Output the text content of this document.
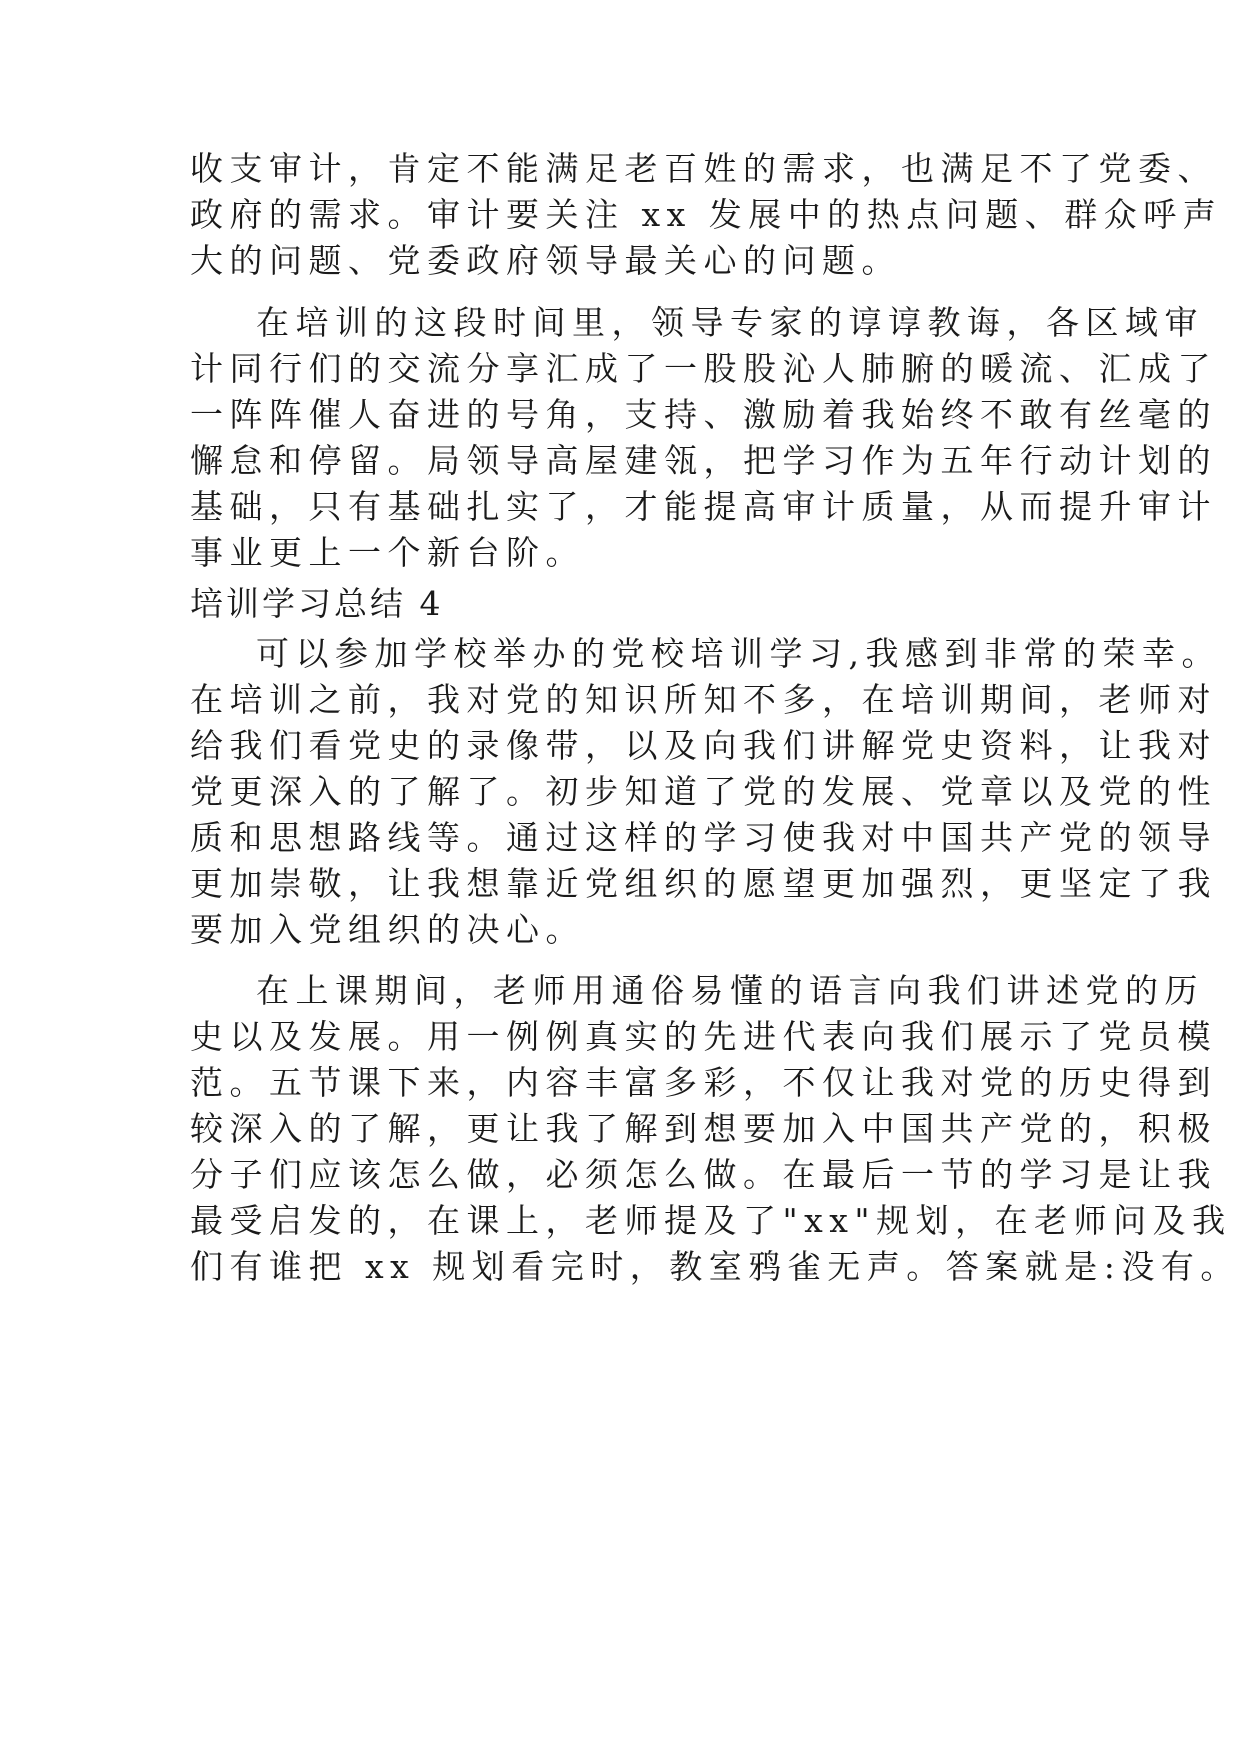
收支审计，肯定不能满足老百姓的需求，也满足不了党委、
政府的需求。审计要关注 xx 发展中的热点问题、群众呼声
大的问题、党委政府领导最关心的问题。
在培训的这段时间里，领导专家的谆谆教诲，各区域审
计同行们的交流分享汇成了一股股沁人肺腑的暖流、汇成了
一阵阵催人奋进的号角，支持、激励着我始终不敢有丝毫的
懈怠和停留。局领导高屋建瓴，把学习作为五年行动计划的
基础，只有基础扎实了，才能提高审计质量，从而提升审计
事业更上一个新台阶。
培训学习总结 4
可以参加学校举办的党校培训学习,我感到非常的荣幸。
在培训之前，我对党的知识所知不多，在培训期间，老师对
给我们看党史的录像带，以及向我们讲解党史资料，让我对
党更深入的了解了。初步知道了党的发展、党章以及党的性
质和思想路线等。通过这样的学习使我对中国共产党的领导
更加崇敬，让我想靠近党组织的愿望更加强烈，更坚定了我
要加入党组织的决心。
在上课期间，老师用通俗易懂的语言向我们讲述党的历
史以及发展。用一例例真实的先进代表向我们展示了党员模
范。五节课下来，内容丰富多彩，不仅让我对党的历史得到
较深入的了解，更让我了解到想要加入中国共产党的，积极
分子们应该怎么做，必须怎么做。在最后一节的学习是让我
最受启发的，在课上，老师提及了"xx"规划，在老师问及我
们有谁把 xx 规划看完时，教室鸦雀无声。答案就是:没有。
